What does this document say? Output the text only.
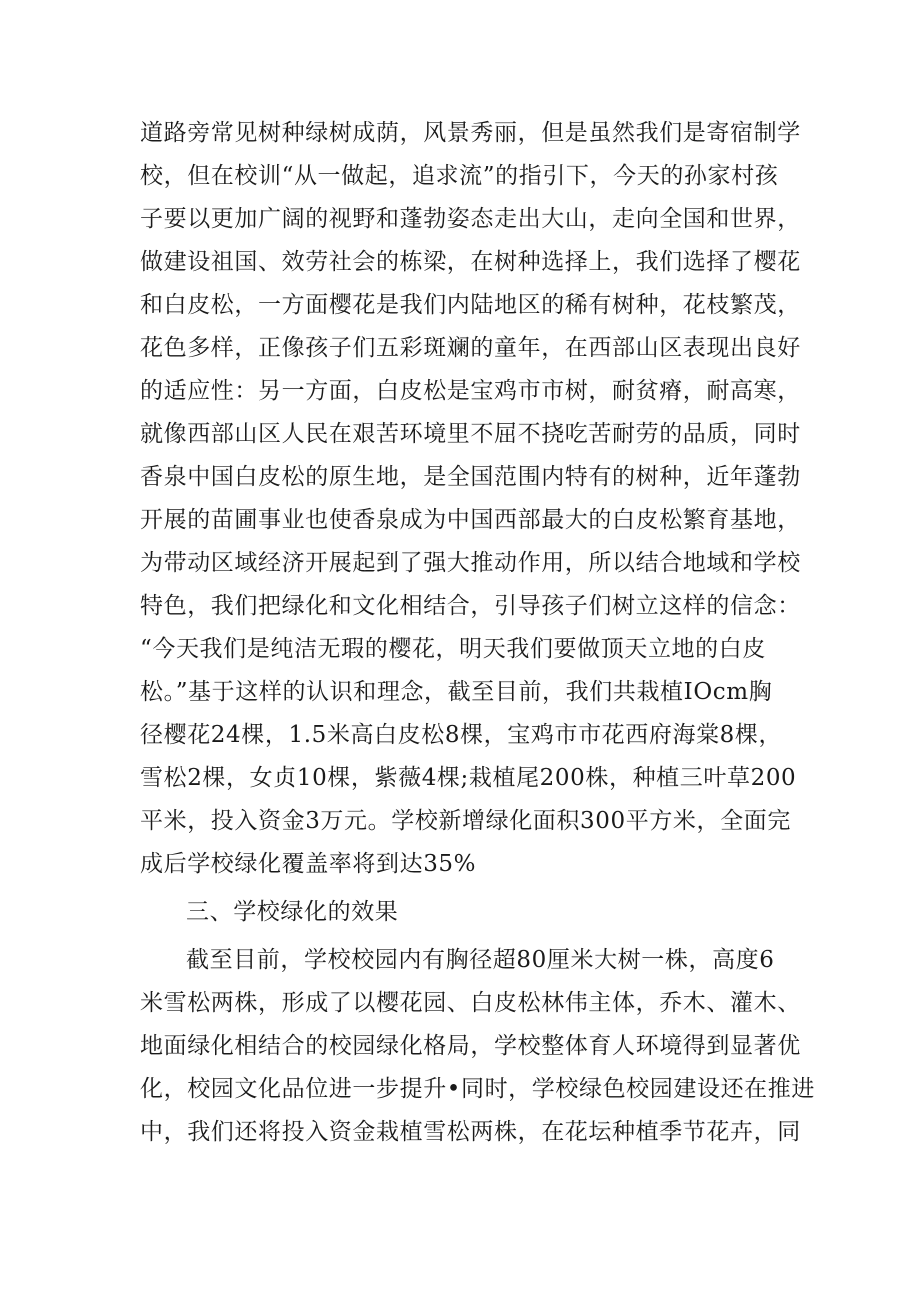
道路旁常见树种绿树成荫，风景秀丽，但是虽然我们是寄宿制学
校，但在校训“从一做起，追求流”的指引下，今天的孙家村孩
子要以更加广阔的视野和蓬勃姿态走出大山，走向全国和世界，
做建设祖国、效劳社会的栋梁，在树种选择上，我们选择了樱花
和白皮松，一方面樱花是我们内陆地区的稀有树种，花枝繁茂，
花色多样，正像孩子们五彩斑斓的童年，在西部山区表现出良好
的适应性：另一方面，白皮松是宝鸡市市树，耐贫瘠，耐高寒，
就像西部山区人民在艰苦环境里不屈不挠吃苦耐劳的品质，同时
香泉中国白皮松的原生地，是全国范围内特有的树种，近年蓬勃
开展的苗圃事业也使香泉成为中国西部最大的白皮松繁育基地，
为带动区域经济开展起到了强大推动作用，所以结合地域和学校
特色，我们把绿化和文化相结合，引导孩子们树立这样的信念：
“今天我们是纯洁无瑕的樱花，明天我们要做顶天立地的白皮
松。”基于这样的认识和理念，截至目前，我们共栽植IOcm胸
径樱花24棵，1.5米高白皮松8棵，宝鸡市市花西府海棠8棵，
雪松2棵，女贞10棵，紫薇4棵;栽植尾200株，种植三叶草200
平米，投入资金3万元。学校新增绿化面积300平方米，全面完
成后学校绿化覆盖率将到达35%
三、学校绿化的效果
截至目前，学校校园内有胸径超80厘米大树一株，高度6
米雪松两株，形成了以樱花园、白皮松林伟主体，乔木、灌木、
地面绿化相结合的校园绿化格局，学校整体育人环境得到显著优
化，校园文化品位进一步提升•同时，学校绿色校园建设还在推进
中，我们还将投入资金栽植雪松两株，在花坛种植季节花卉，同
